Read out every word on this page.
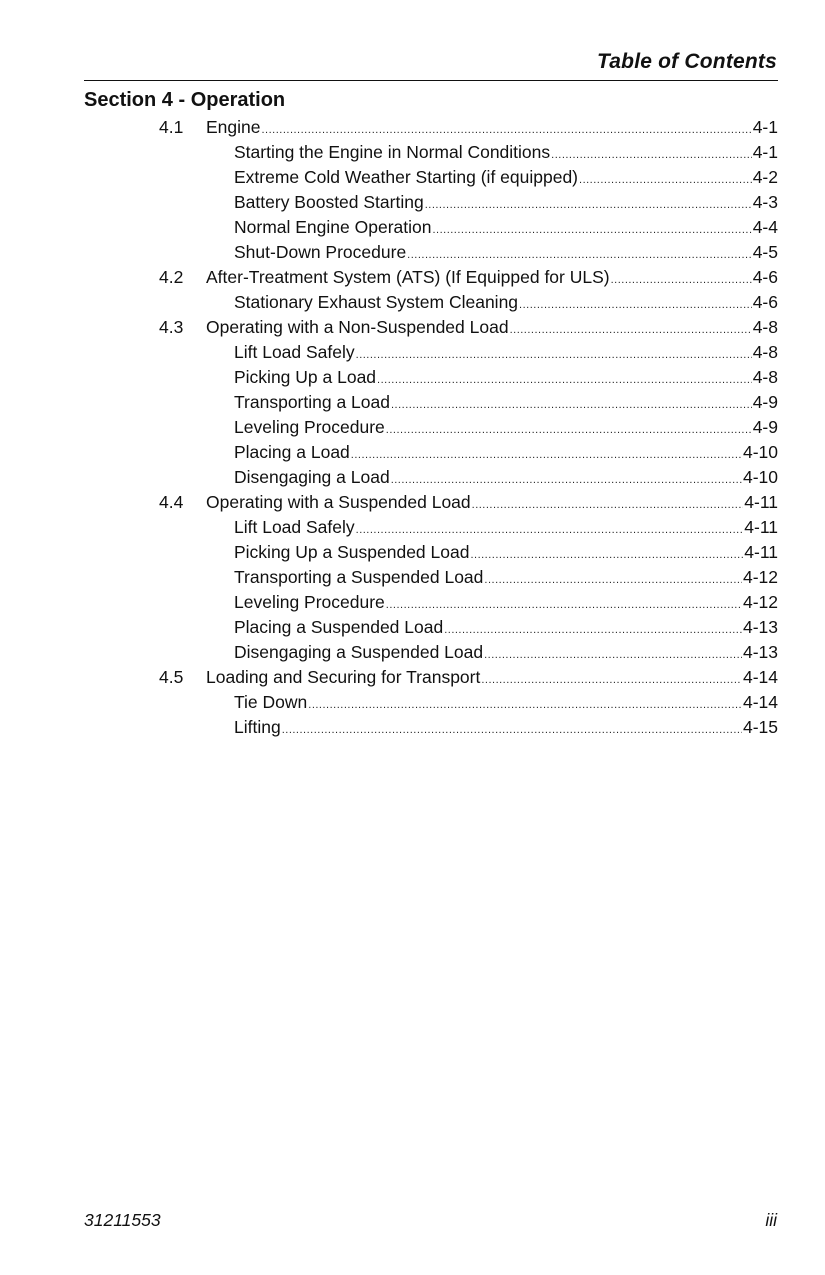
Table of Contents
Section 4 - Operation
4.1	Engine .....	4-1
Starting the Engine in Normal Conditions .....	4-1
Extreme Cold Weather Starting (if equipped) .....	4-2
Battery Boosted Starting .....	4-3
Normal Engine Operation .....	4-4
Shut-Down Procedure .....	4-5
4.2	After-Treatment System (ATS) (If Equipped for ULS) .....	4-6
Stationary Exhaust System Cleaning .....	4-6
4.3	Operating with a Non-Suspended Load .....	4-8
Lift Load Safely .....	4-8
Picking Up a Load .....	4-8
Transporting a Load .....	4-9
Leveling Procedure .....	4-9
Placing a Load .....	4-10
Disengaging a Load .....	4-10
4.4	Operating with a Suspended Load .....	4-11
Lift Load Safely .....	4-11
Picking Up a Suspended Load .....	4-11
Transporting a Suspended Load .....	4-12
Leveling Procedure .....	4-12
Placing a Suspended Load .....	4-13
Disengaging a Suspended Load .....	4-13
4.5	Loading and Securing for Transport .....	4-14
Tie Down .....	4-14
Lifting .....	4-15
31211553	iii
